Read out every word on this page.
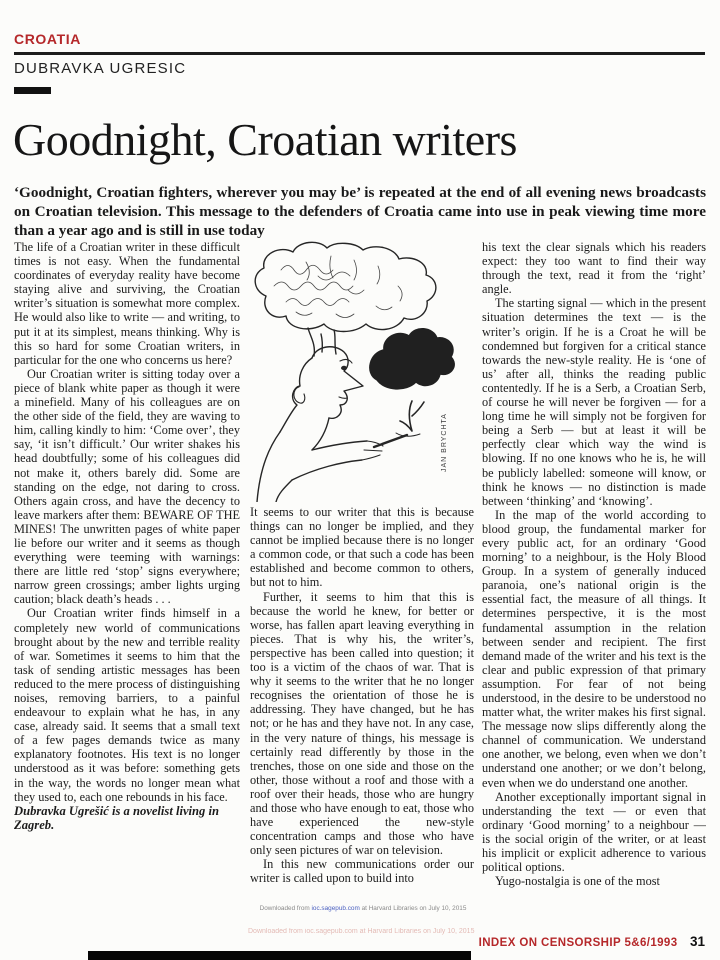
CROATIA
DUBRAVKA UGRESIC
Goodnight, Croatian writers
‘Goodnight, Croatian fighters, wherever you may be’ is repeated at the end of all evening news broadcasts on Croatian television. This message to the defenders of Croatia came into use in peak viewing time more than a year ago and is still in use today

The life of a Croatian writer in these difficult times is not easy. When the fundamental coordinates of everyday reality have become staying alive and surviving, the Croatian writer’s situation is somewhat more complex. He would also like to write — and writing, to put it at its simplest, means thinking. Why is this so hard for some Croatian writers, in particular for the one who concerns us here?

Our Croatian writer is sitting today over a piece of blank white paper as though it were a minefield. Many of his colleagues are on the other side of the field, they are waving to him, calling kindly to him: ‘Come over’, they say, ‘it isn’t difficult.’ Our writer shakes his head doubtfully; some of his colleagues did not make it, others barely did. Some are standing on the edge, not daring to cross. Others again cross, and have the decency to leave markers after them: BEWARE OF THE MINES! The unwritten pages of white paper lie before our writer and it seems as though everything were teeming with warnings: there are little red ‘stop’ signs everywhere; narrow green crossings; amber lights urging caution; black death’s heads . . .

Our Croatian writer finds himself in a completely new world of communications brought about by the new and terrible reality of war. Sometimes it seems to him that the task of sending artistic messages has been reduced to the mere process of distinguishing noises, removing barriers, to a painful endeavour to explain what he has, in any case, already said. It seems that a small text of a few pages demands twice as many explanatory footnotes. His text is no longer understood as it was before: something gets in the way, the words no longer mean what they used to, each one rebounds in his face.

Dubravka Ugrešić is a novelist living in Zagreb.

JAN BRYCHTA

It seems to our writer that this is because things can no longer be implied, and they cannot be implied because there is no longer a common code, or that such a code has been established and become common to others, but not to him.

Further, it seems to him that this is because the world he knew, for better or worse, has fallen apart leaving everything in pieces. That is why his, the writer’s, perspective has been called into question; it too is a victim of the chaos of war. That is why it seems to the writer that he no longer recognises the orientation of those he is addressing. They have changed, but he has not; or he has and they have not. In any case, in the very nature of things, his message is certainly read differently by those in the trenches, those on one side and those on the other, those without a roof and those with a roof over their heads, those who are hungry and those who have enough to eat, those who have experienced the new-style concentration camps and those who have only seen pictures of war on television.

In this new communications order our writer is called upon to build into

his text the clear signals which his readers expect: they too want to find their way through the text, read it from the ‘right’ angle.

The starting signal — which in the present situation determines the text — is the writer’s origin. If he is a Croat he will be condemned but forgiven for a critical stance towards the new-style reality. He is ‘one of us’ after all, thinks the reading public contentedly. If he is a Serb, a Croatian Serb, of course he will never be forgiven — for a long time he will simply not be forgiven for being a Serb — but at least it will be perfectly clear which way the wind is blowing. If no one knows who he is, he will be publicly labelled: someone will know, or think he knows — no distinction is made between ‘thinking’ and ‘knowing’.

In the map of the world according to blood group, the fundamental marker for every public act, for an ordinary ‘Good morning’ to a neighbour, is the Holy Blood Group. In a system of generally induced paranoia, one’s national origin is the essential fact, the measure of all things. It determines perspective, it is the most fundamental assumption in the relation between sender and recipient. The first demand made of the writer and his text is the clear and public expression of that primary assumption. For fear of not being understood, in the desire to be understood no matter what, the writer makes his first signal. The message now slips differently along the channel of communication. We understand one another, we belong, even when we don’t understand one another; or we don’t belong, even when we do understand one another.

Another exceptionally important signal in understanding the text — or even that ordinary ‘Good morning’ to a neighbour — is the social origin of the writer, or at least his implicit or explicit adherence to various political options.

Yugo-nostalgia is one of the most

Downloaded from ioc.sagepub.com at Harvard Libraries on July 10, 2015
Downloaded from ioc.sagepub.com at Harvard Libraries on July 10, 2015
INDEX ON CENSORSHIP 5&6/1993 31
